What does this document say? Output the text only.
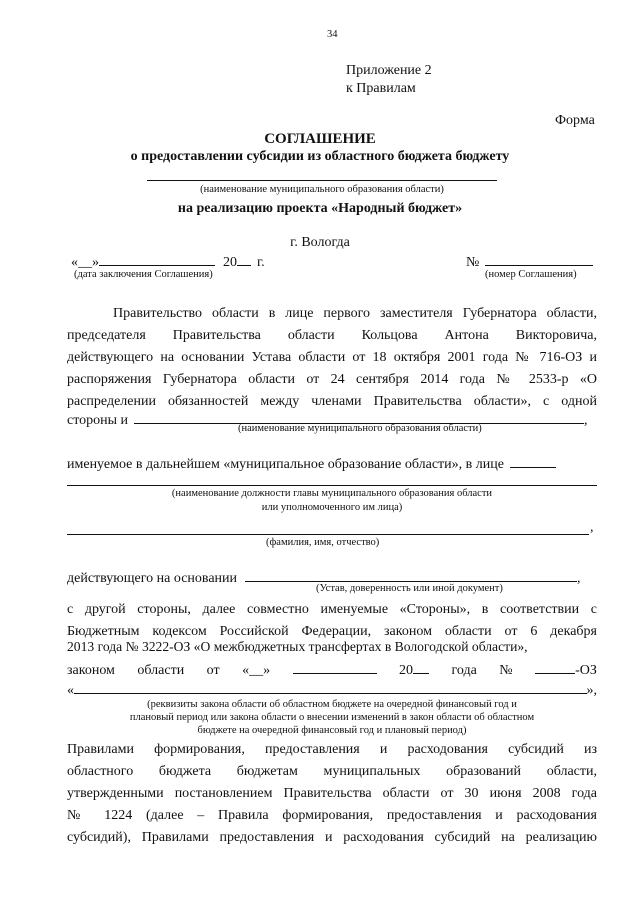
34
Приложение 2
к Правилам
Форма
СОГЛАШЕНИЕ
о предоставлении субсидии из областного бюджета бюджету
(наименование муниципального образования области)
на реализацию проекта «Народный бюджет»
г. Вологда
« __ »	20 г.	№
(дата заключения Соглашения)	(номер Соглашения)
Правительство области в лице первого заместителя Губернатора области,
председателя Правительства области Кольцова Антона Викторовича,
действующего на основании Устава области от 18 октября 2001 года № 716-ОЗ и
распоряжения Губернатора области от 24 сентября 2014 года № 2533-р «О
распределении обязанностей между членами Правительства области», с одной
стороны и	,
(наименование муниципального образования области)
именуемое в дальнейшем «муниципальное образование области», в лице
(наименование должности главы муниципального образования области
или уполномоченного им лица)
,
(фамилия, имя, отчество)
действующего на основании	,
(Устав, доверенность или иной документ)
с другой стороны, далее совместно именуемые «Стороны», в соответствии с
Бюджетным кодексом Российской Федерации, законом области от 6 декабря
2013 года № 3222-ОЗ «О межбюджетных трансфертах в Вологодской области»,
законом области от «__»	20	года №	-ОЗ
«	»,
(реквизиты закона области об областном бюджете на очередной финансовый год и
плановый период или закона области о внесении изменений в закон области об областном
бюджете на очередной финансовый год и плановый период)
Правилами формирования, предоставления и расходования субсидий из
областного бюджета бюджетам муниципальных образований области,
утвержденными постановлением Правительства области от 30 июня 2008 года
№ 1224 (далее – Правила формирования, предоставления и расходования
субсидий), Правилами предоставления и расходования субсидий на реализацию
